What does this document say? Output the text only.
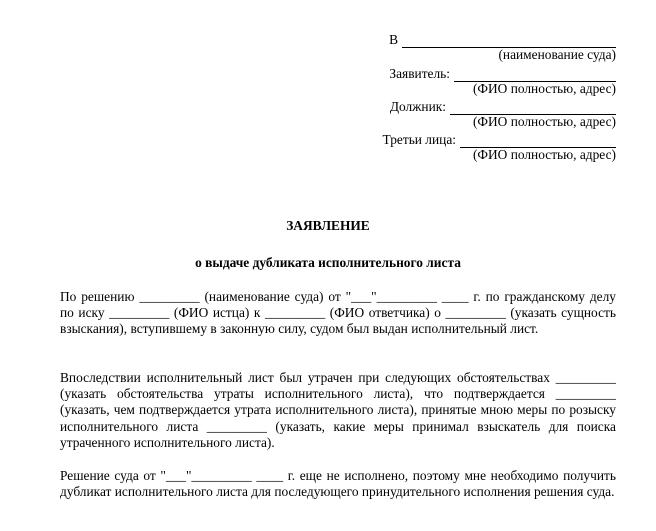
В
(наименование суда)
Заявитель:
(ФИО полностью, адрес)
Должник:
(ФИО полностью, адрес)
Третьи лица:
(ФИО полностью, адрес)
ЗАЯВЛЕНИЕ
о выдаче дубликата исполнительного листа

По решению _________ (наименование суда) от "___"_________ ____ г. по гражданскому делу по иску _________ (ФИО истца) к _________ (ФИО ответчика) о _________ (указать сущность взыскания), вступившему в законную силу, судом был выдан исполнительный лист.

Впоследствии исполнительный лист был утрачен при следующих обстоятельствах _________ (указать обстоятельства утраты исполнительного листа), что подтверждается _________ (указать, чем подтверждается утрата исполнительного листа), принятые мною меры по розыску исполнительного листа _________ (указать, какие меры принимал взыскатель для поиска утраченного исполнительного листа).

Решение суда от "___"_________ ____ г. еще не исполнено, поэтому мне необходимо получить дубликат исполнительного листа для последующего принудительного исполнения решения суда.
